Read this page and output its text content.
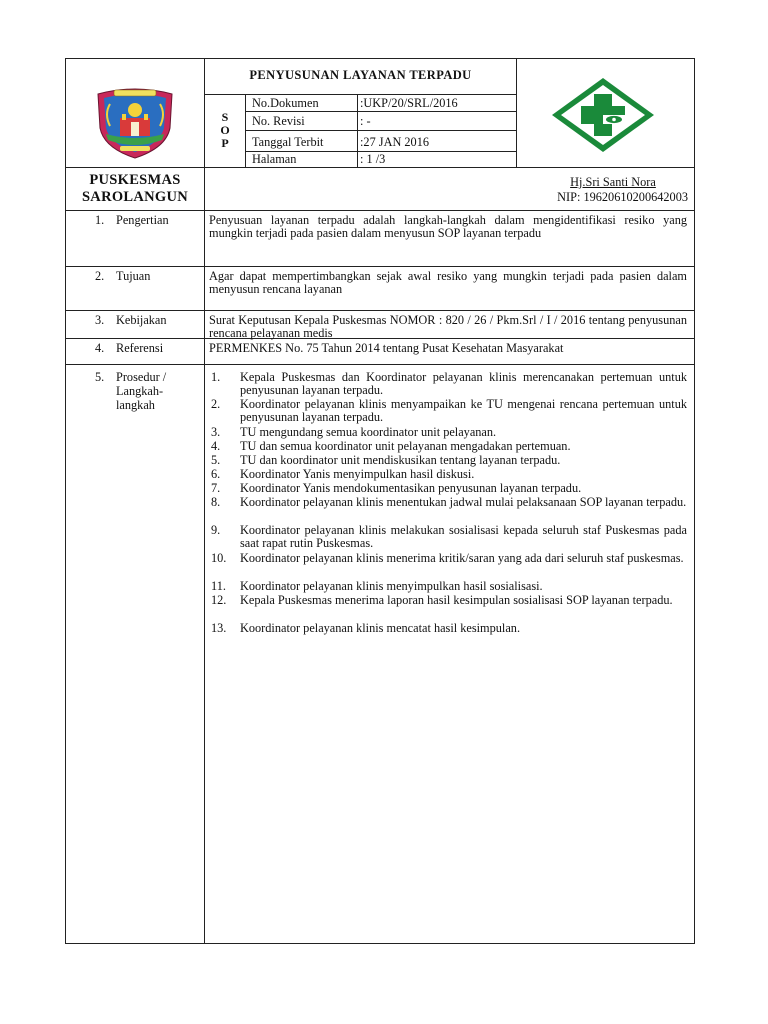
PENYUSUNAN LAYANAN TERPADU
S
O
P
No.Dokumen	:UKP/20/SRL/2016
No. Revisi	: -
Tanggal Terbit	:27 JAN 2016
Halaman	: 1 /3
PUSKESMAS
SAROLANGUN
Hj.Sri Santi Nora
NIP: 19620610200642003
1. Pengertian	Penyusuan layanan terpadu adalah langkah-langkah dalam mengidentifikasi resiko yang mungkin terjadi pada pasien dalam menyusun SOP layanan terpadu
2. Tujuan	Agar dapat mempertimbangkan sejak awal resiko yang mungkin terjadi pada pasien dalam menyusun rencana layanan
3. Kebijakan	Surat Keputusan Kepala Puskesmas NOMOR : 820 / 26 / Pkm.Srl / I / 2016 tentang penyusunan rencana pelayanan medis
4. Referensi	PERMENKES No. 75 Tahun 2014 tentang Pusat Kesehatan Masyarakat
5. Prosedur /
Langkah-
langkah
1. Kepala Puskesmas dan Koordinator pelayanan klinis merencanakan pertemuan untuk penyusunan layanan terpadu.
2. Koordinator pelayanan klinis menyampaikan ke TU mengenai rencana pertemuan untuk penyusunan layanan terpadu.
3. TU mengundang semua koordinator unit pelayanan.
4. TU dan semua koordinator unit pelayanan mengadakan pertemuan.
5. TU dan koordinator unit mendiskusikan tentang layanan terpadu.
6. Koordinator Yanis menyimpulkan hasil diskusi.
7. Koordinator Yanis mendokumentasikan penyusunan layanan terpadu.
8. Koordinator pelayanan klinis menentukan jadwal mulai pelaksanaan SOP layanan terpadu.
9. Koordinator pelayanan klinis melakukan sosialisasi kepada seluruh staf Puskesmas pada saat rapat rutin Puskesmas.
10. Koordinator pelayanan klinis menerima kritik/saran yang ada dari seluruh staf puskesmas.
11. Koordinator pelayanan klinis menyimpulkan hasil sosialisasi.
12. Kepala Puskesmas menerima laporan hasil kesimpulan sosialisasi SOP layanan terpadu.
13. Koordinator pelayanan klinis mencatat hasil kesimpulan.
